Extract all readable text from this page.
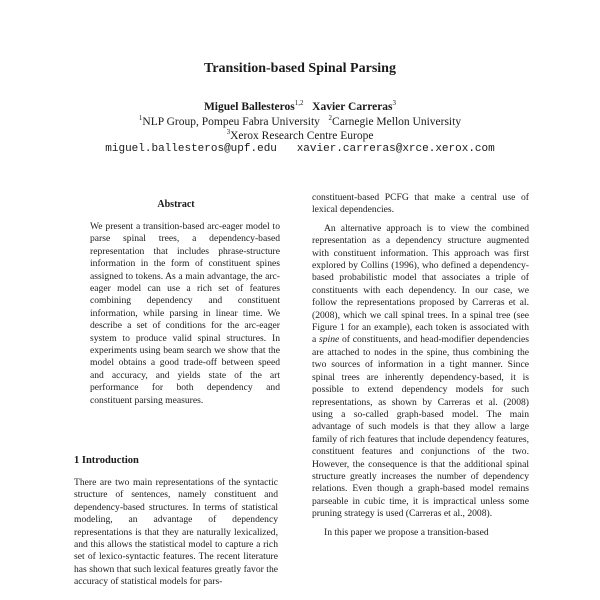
Transition-based Spinal Parsing
Miguel Ballesteros$^{1,2}$ Xavier Carreras$^3$
$^1$NLP Group, Pompeu Fabra University $^2$Carnegie Mellon University
$^3$Xerox Research Centre Europe
miguel.ballesteros@upf.edu   xavier.carreras@xrce.xerox.com
Abstract

We present a transition-based arc-eager model to parse spinal trees, a dependency-based representation that includes phrase-structure information in the form of constituent spines assigned to tokens. As a main advantage, the arc-eager model can use a rich set of features combining dependency and constituent information, while parsing in linear time. We describe a set of conditions for the arc-eager system to produce valid spinal structures. In experiments using beam search we show that the model obtains a good trade-off between speed and accuracy, and yields state of the art performance for both dependency and constituent parsing measures.

1 Introduction

There are two main representations of the syntactic structure of sentences, namely constituent and dependency-based structures. In terms of statistical modeling, an advantage of dependency representations is that they are naturally lexicalized, and this allows the statistical model to capture a rich set of lexico-syntactic features. The recent literature has shown that such lexical features greatly favor the accuracy of statistical models for pars-

constituent-based PCFG that make a central use of lexical dependencies.

An alternative approach is to view the combined representation as a dependency structure augmented with constituent information. This approach was first explored by Collins (1996), who defined a dependency-based probabilistic model that associates a triple of constituents with each dependency. In our case, we follow the representations proposed by Carreras et al. (2008), which we call spinal trees. In a spinal tree (see Figure 1 for an example), each token is associated with a spine of constituents, and head-modifier dependencies are attached to nodes in the spine, thus combining the two sources of information in a tight manner. Since spinal trees are inherently dependency-based, it is possible to extend dependency models for such representations, as shown by Carreras et al. (2008) using a so-called graph-based model. The main advantage of such models is that they allow a large family of rich features that include dependency features, constituent features and conjunctions of the two. However, the consequence is that the additional spinal structure greatly increases the number of dependency relations. Even though a graph-based model remains parseable in cubic time, it is impractical unless some pruning strategy is used (Carreras et al., 2008).

In this paper we propose a transition-based
